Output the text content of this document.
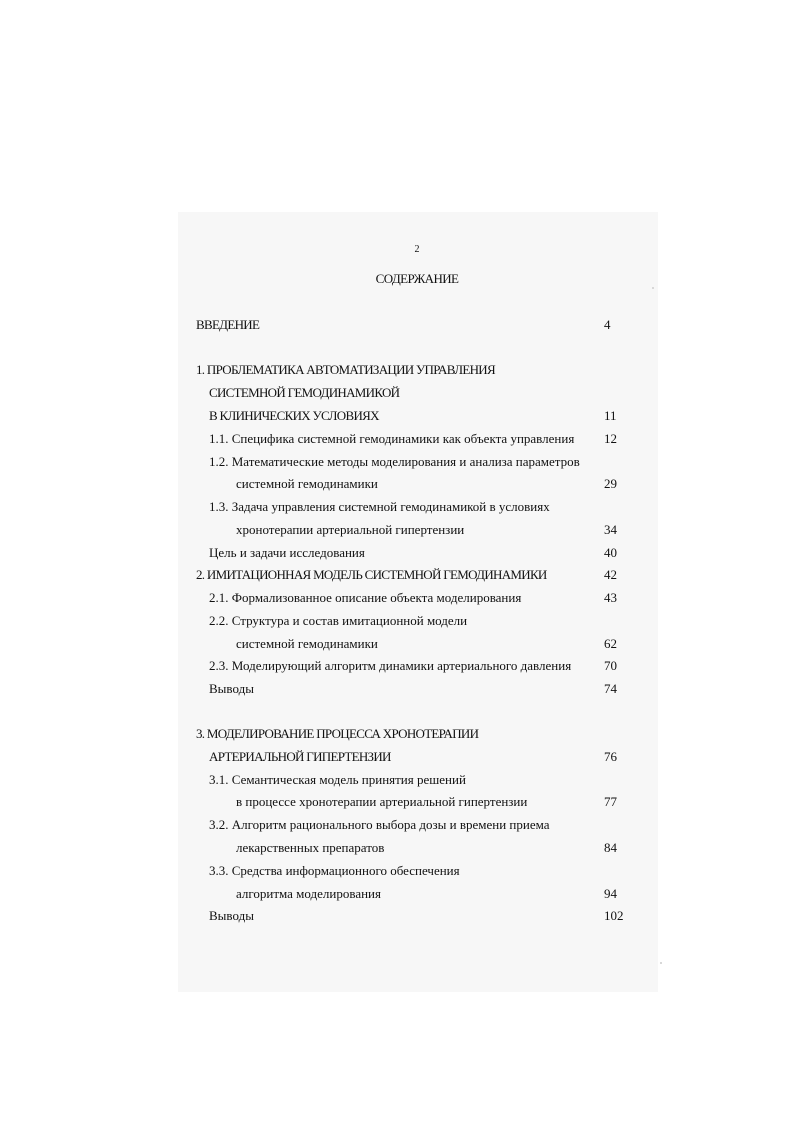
2
СОДЕРЖАНИЕ
ВВЕДЕНИЕ	4
1. ПРОБЛЕМАТИКА АВТОМАТИЗАЦИИ УПРАВЛЕНИЯ
СИСТЕМНОЙ ГЕМОДИНАМИКОЙ
В КЛИНИЧЕСКИХ УСЛОВИЯХ	11
1.1. Специфика системной гемодинамики как объекта управления 12
1.2. Математические методы моделирования и анализа параметров
системной гемодинамики	29
1.3. Задача управления системной гемодинамикой в условиях
хронотерапии артериальной гипертензии	34
Цель и задачи исследования	40
2. ИМИТАЦИОННАЯ МОДЕЛЬ СИСТЕМНОЙ ГЕМОДИНАМИКИ	42
2.1. Формализованное описание объекта моделирования	43
2.2. Структура и состав имитационной модели
системной гемодинамики	62
2.3. Моделирующий алгоритм динамики артериального давления	70
Выводы	74
3. МОДЕЛИРОВАНИЕ ПРОЦЕССА ХРОНОТЕРАПИИ
АРТЕРИАЛЬНОЙ ГИПЕРТЕНЗИИ	76
3.1. Семантическая модель принятия решений
в процессе хронотерапии артериальной гипертензии	77
3.2. Алгоритм рационального выбора дозы и времени приема
лекарственных препаратов	84
3.3. Средства информационного обеспечения
алгоритма моделирования	94
Выводы	102
